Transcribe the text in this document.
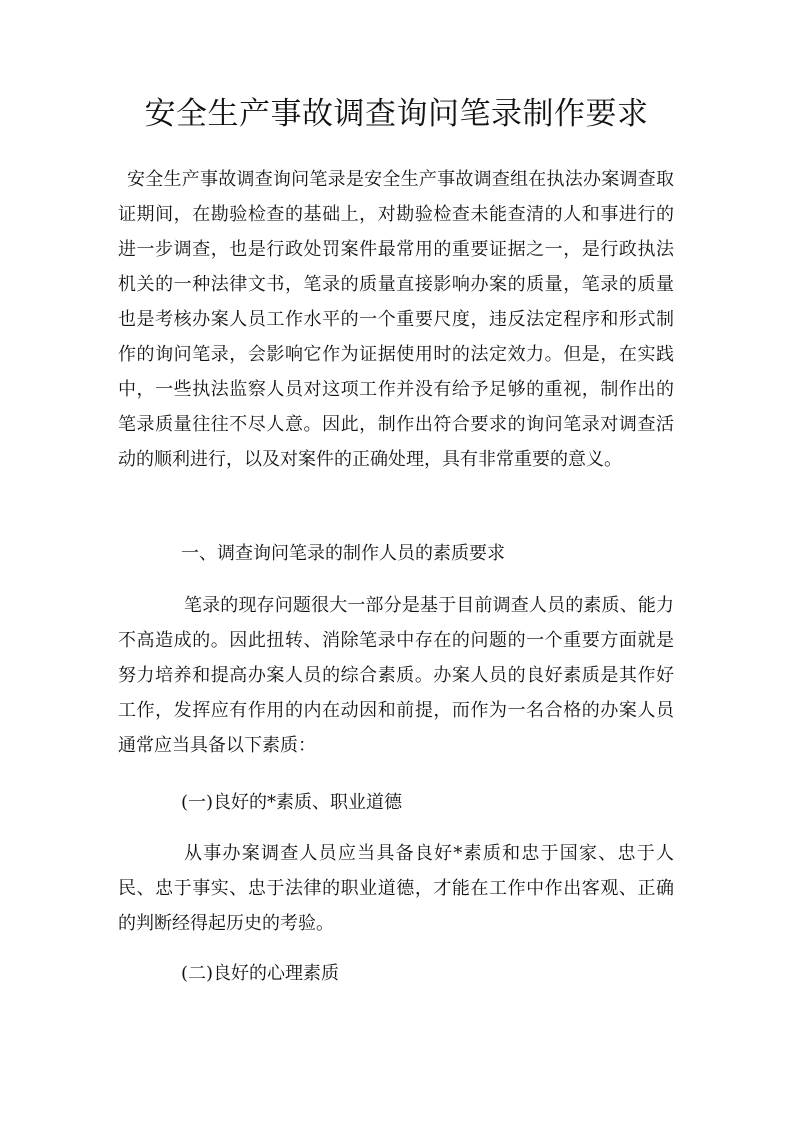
安全生产事故调查询问笔录制作要求

安全生产事故调查询问笔录是安全生产事故调查组在执法办案调查取证期间，在勘验检查的基础上，对勘验检查未能查清的人和事进行的进一步调查，也是行政处罚案件最常用的重要证据之一，是行政执法机关的一种法律文书，笔录的质量直接影响办案的质量，笔录的质量也是考核办案人员工作水平的一个重要尺度，违反法定程序和形式制作的询问笔录，会影响它作为证据使用时的法定效力。但是，在实践中，一些执法监察人员对这项工作并没有给予足够的重视，制作出的笔录质量往往不尽人意。因此，制作出符合要求的询问笔录对调查活动的顺利进行，以及对案件的正确处理，具有非常重要的意义。

一、调查询问笔录的制作人员的素质要求

笔录的现存问题很大一部分是基于目前调查人员的素质、能力不高造成的。因此扭转、消除笔录中存在的问题的一个重要方面就是努力培养和提高办案人员的综合素质。办案人员的良好素质是其作好工作，发挥应有作用的内在动因和前提，而作为一名合格的办案人员通常应当具备以下素质：

(一)良好的*素质、职业道德

从事办案调查人员应当具备良好*素质和忠于国家、忠于人民、忠于事实、忠于法律的职业道德，才能在工作中作出客观、正确的判断经得起历史的考验。

(二)良好的心理素质
